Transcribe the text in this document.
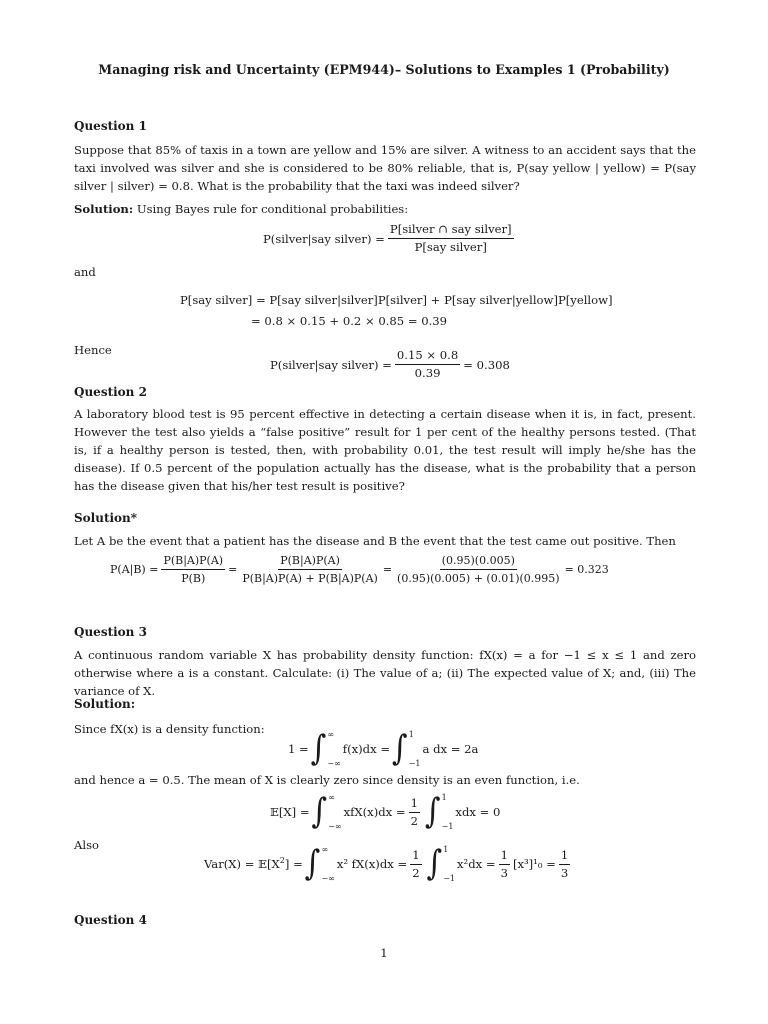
Managing risk and Uncertainty (EPM944)– Solutions to Examples 1 (Probability)
Question 1
Suppose that 85% of taxis in a town are yellow and 15% are silver. A witness to an accident says that the taxi involved was silver and she is considered to be 80% reliable, that is, P(say yellow | yellow) = P(say silver | silver) = 0.8. What is the probability that the taxi was indeed silver?
Solution: Using Bayes rule for conditional probabilities:
P(silver|say silver) = $\frac{\text{P[silver ∩ say silver]}}{\text{P[say silver]}}$
and
P[say silver] = P[say silver|silver]P[silver] + P[say silver|yellow]P[yellow]
= 0.8 × 0.15 + 0.2 × 0.85 = 0.39
Hence
P(silver|say silver) = $\frac{0.15 \times 0.8}{0.39} = 0.308$
Question 2
A laboratory blood test is 95 percent effective in detecting a certain disease when it is, in fact, present. However the test also yields a “false positive” result for 1 per cent of the healthy persons tested. (That is, if a healthy person is tested, then, with probability 0.01, the test result will imply he/she has the disease). If 0.5 percent of the population actually has the disease, what is the probability that a person has the disease given that his/her test result is positive?
Solution*
Let A be the event that a patient has the disease and B the event that the test came out positive. Then
$P(A|B) = \frac{P(B|A)P(A)}{P(B)} = \frac{P(B|A)P(A)}{P(B|A)P(A) + P(B|A)P(A)} = \frac{(0.95)(0.005)}{(0.95)(0.005) + (0.01)(0.995)} = 0.323$
Question 3
A continuous random variable X has probability density function: fX(x) = a for −1 ≤ x ≤ 1 and zero otherwise where a is a constant. Calculate: (i) The value of a; (ii) The expected value of X; and, (iii) The variance of X.
Solution:
Since fX(x) is a density function:
1 = ∫ ∞
−∞
f(x)dx = ∫ 1
−1
a dx = 2a
and hence a = 0.5. The mean of X is clearly zero since density is an even function, i.e.
𝔼[X] = ∫ ∞
−∞
$xfX(x)dx = \frac{1}{2}$ ∫ 1
−1
xdx = 0
Also
$Var(X) = 𝔼[X^2]$ = ∫ ∞
−∞
x² $fX(x)dx = \frac{1}{2}$ ∫ 1
−1
$x^2dx = \frac{1}{3} [x^3]^1_0 = \frac{1}{3}$
Question 4
1
